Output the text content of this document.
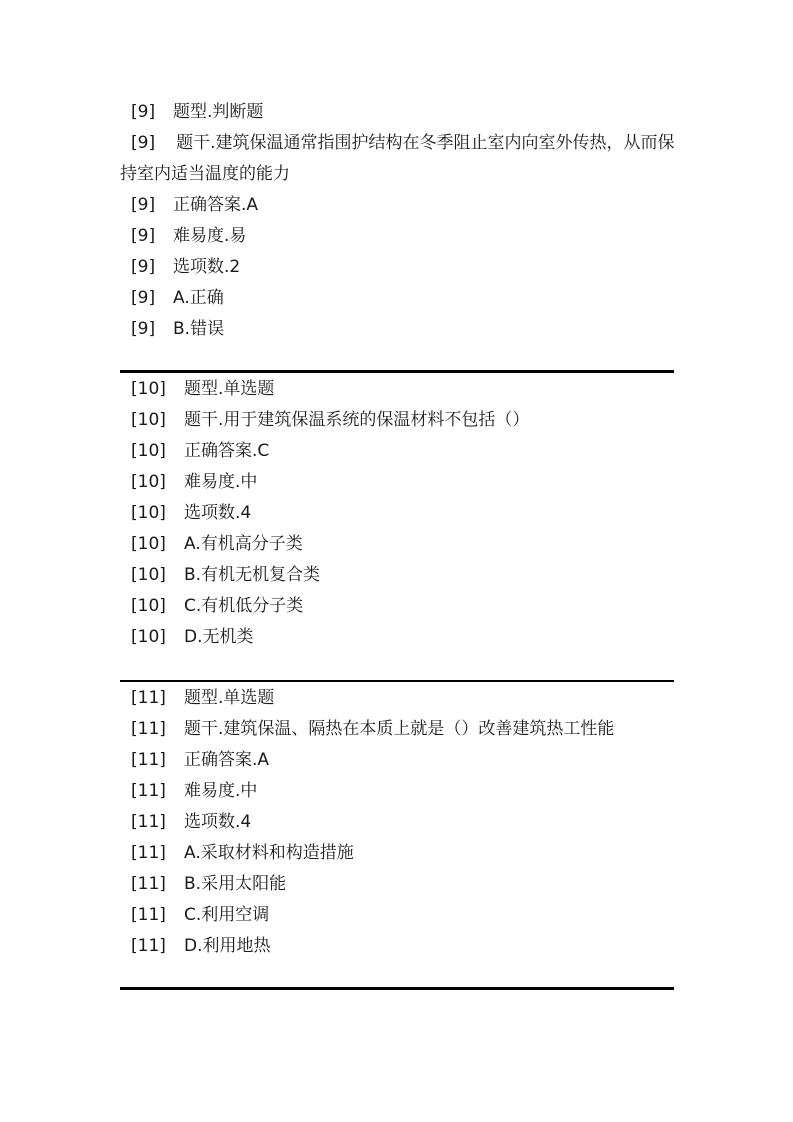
[9]	题型.判断题
[9] 题干.建筑保温通常指围护结构在冬季阻止室内向室外传热，从而保持室内适当温度的能力
[9]	正确答案.A
[9]	难易度.易
[9]	选项数.2
[9]	A.正确
[9]	B.错误
[10]	题型.单选题
[10]	题干.用于建筑保温系统的保温材料不包括（）
[10]	正确答案.C
[10]	难易度.中
[10]	选项数.4
[10]	A.有机高分子类
[10]	B.有机无机复合类
[10]	C.有机低分子类
[10]	D.无机类
[11]	题型.单选题
[11]	题干.建筑保温、隔热在本质上就是（）改善建筑热工性能
[11]	正确答案.A
[11]	难易度.中
[11]	选项数.4
[11]	A.采取材料和构造措施
[11]	B.采用太阳能
[11]	C.利用空调
[11]	D.利用地热
